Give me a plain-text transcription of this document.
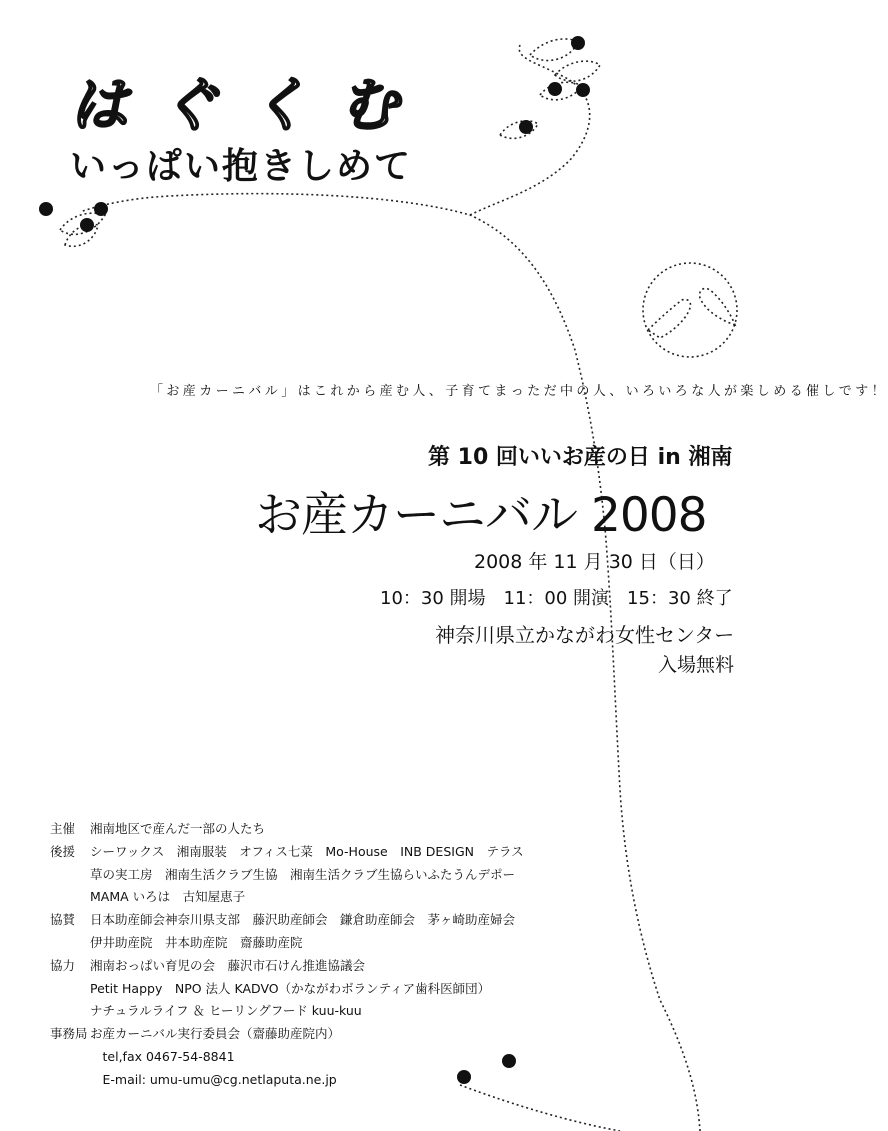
はぐくむ
いっぱい抱きしめて
「お産カーニバル」はこれから産む人、子育てまっただ中の人、いろいろな人が楽しめる催しです！
第 10 回いいお産の日 in 湘南
お産カーニバル 2008
2008 年 11 月 30 日（日）
10：30 開場　11：00 開演　15：30 終了
神奈川県立かながわ女性センター
入場無料
主催	湘南地区で産んだ一部の人たち
後援	シーワックス　湘南服装　オフィス七菜　Mo-House　INB DESIGN　テラス
草の実工房　湘南生活クラブ生協　湘南生活クラブ生協らいふたうんデポー
MAMA いろは　古知屋恵子
協賛	日本助産師会神奈川県支部　藤沢助産師会　鎌倉助産師会　茅ヶ崎助産婦会
伊井助産院　井本助産院　齋藤助産院
協力	湘南おっぱい育児の会　藤沢市石けん推進協議会
Petit Happy　NPO 法人 KADVO（かながわボランティア歯科医師団）
ナチュラルライフ ＆ ヒーリングフード kuu-kuu
事務局 お産カーニバル実行委員会（齋藤助産院内）
　tel,fax 0467-54-8841
　E-mail: umu-umu@cg.netlaputa.ne.jp
